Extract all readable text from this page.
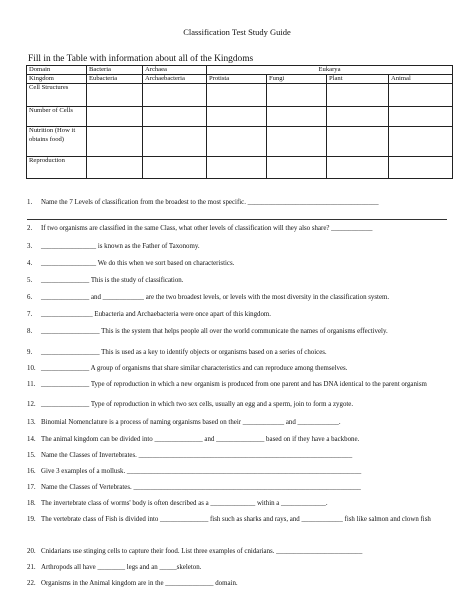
Classification Test Study Guide
Fill in the Table with information about all of the Kingdoms
Domain	Bacteria	Archaea	Eukarya			
Kingdom	Eubacteria	Archaebacteria	Protista	Fungi	Plant	Animal
Cell Structures						
Number of Cells						
Nutrition (How it obtains food)						
Reproduction						
1.	Name the 7 Levels of classification from the broadest to the most specific. ______________________________________
2.	If two organisms are classified in the same Class, what other levels of classification will they also share? ____________
3.	________________ is known as the Father of Taxonomy.
4.	________________ We do this when we sort based on characteristics.
5.	______________ This is the study of classification.
6.	______________ and ____________ are the two broadest levels, or levels with the most diversity in the classification system.
7.	_______________ Eubacteria and Archaebacteria were once apart of this kingdom.
8.	_________________ This is the system that helps people all over the world communicate the names of organisms effectively.
9.	_________________ This is used as a key to identify objects or organisms based on a series of choices.
10. ______________ A group of organisms that share similar characteristics and can reproduce among themselves.
11. ______________ Type of reproduction in which a new organism is produced from one parent and has DNA identical to the parent organism
12. ______________ Type of reproduction in which two sex cells, usually an egg and a sperm, join to form a zygote.
13. Binomial Nomenclature is a process of naming organisms based on their ____________ and ____________.
14. The animal kingdom can be divided into ______________ and ______________ based on if they have a backbone.
15. Name the Classes of Invertebrates. ______________________________________________________________
16. Give 3 examples of a mollusk. ____________________________________________________________________
17. Name the Classes of Vertebrates. __________________________________________________________________
18. The invertebrate class of worms' body is often described as a _____________ within a _____________.
19. The vertebrate class of Fish is divided into ______________ fish such as sharks and rays, and ____________ fish like salmon and clown fish
20. Cnidarians use stinging cells to capture their food. List three examples of cnidarians. _________________________
21. Arthropods all have ________ legs and an _____skeleton.
22. Organisms in the Animal kingdom are in the ______________ domain.
